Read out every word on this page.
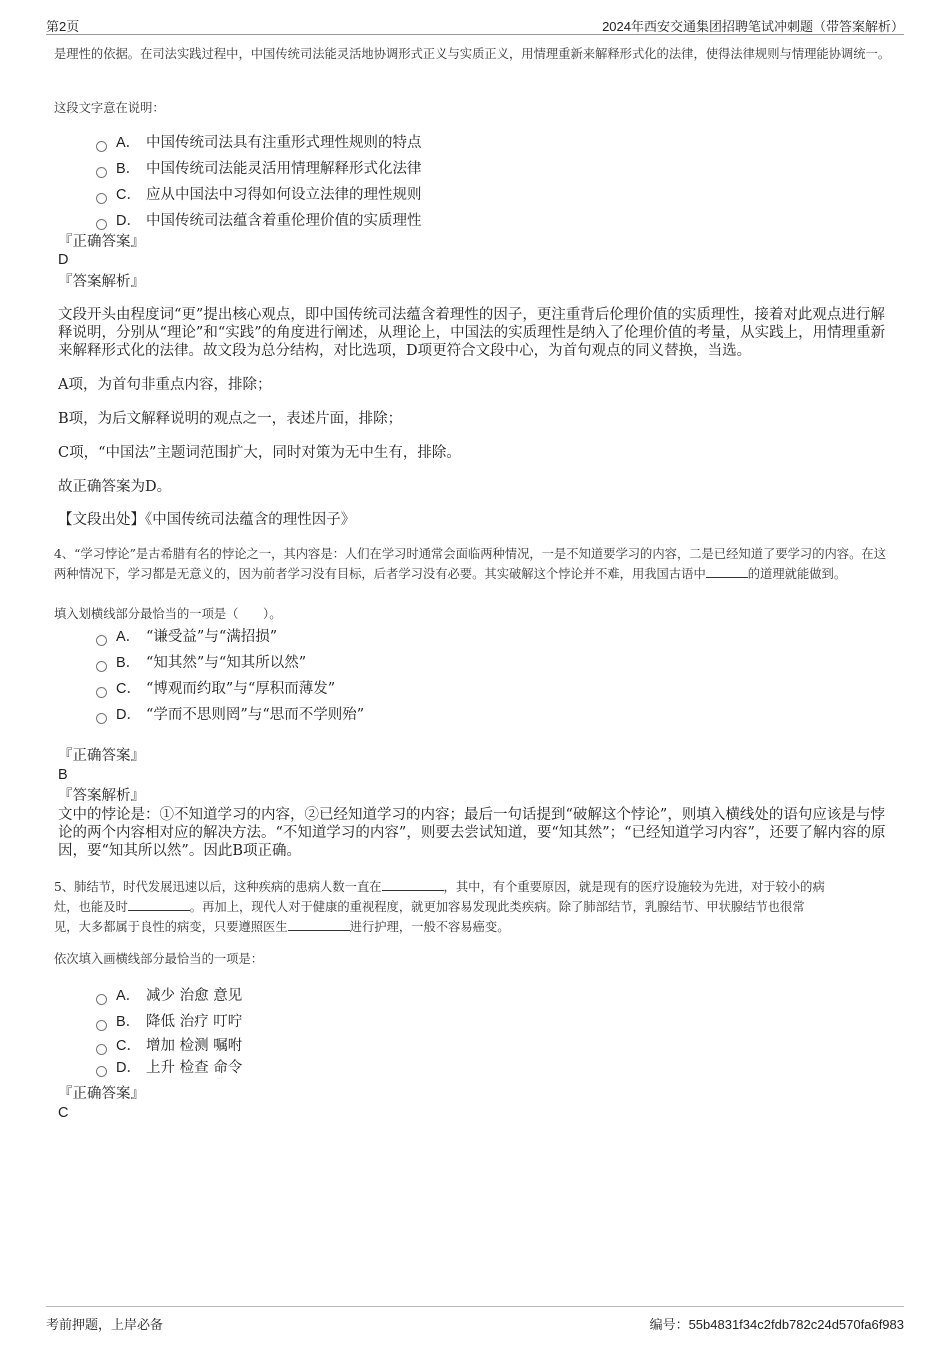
第2页	2024年西安交通集团招聘笔试冲刺题（带答案解析）
是理性的依据。在司法实践过程中，中国传统司法能灵活地协调形式正义与实质正义，用情理重新来解释形式化的法律，使得法律规则与情理能协调统一。
这段文字意在说明：
A． 中国传统司法具有注重形式理性规则的特点
B． 中国传统司法能灵活用情理解释形式化法律
C． 应从中国法中习得如何设立法律的理性规则
D． 中国传统司法蕴含着重伦理价值的实质理性
『正确答案』
D
『答案解析』
文段开头由程度词“更”提出核心观点，即中国传统司法蕴含着理性的因子，更注重背后伦理价值的实质理性，接着对此观点进行解释说明，分别从“理论”和“实践”的角度进行阐述，从理论上，中国法的实质理性是纳入了伦理价值的考量，从实践上，用情理重新来解释形式化的法律。故文段为总分结构，对比选项，D项更符合文段中心，为首句观点的同义替换，当选。
A项，为首句非重点内容，排除；
B项，为后文解释说明的观点之一，表述片面，排除；
C项，“中国法”主题词范围扩大，同时对策为无中生有，排除。
故正确答案为D。
【文段出处】《中国传统司法蕴含的理性因子》
4、“学习悖论”是古希腊有名的悖论之一，其内容是：人们在学习时通常会面临两种情况，一是不知道要学习的内容，二是已经知道了要学习的内容。在这两种情况下，学习都是无意义的，因为前者学习没有目标，后者学习没有必要。其实破解这个悖论并不难，用我国古语中	的道理就能做到。
填入划横线部分最恰当的一项是（　　）。
A． “谦受益”与“满招损”
B． “知其然”与“知其所以然”
C． “博观而约取”与“厚积而薄发”
D． “学而不思则罔”与“思而不学则殆”
『正确答案』
B
『答案解析』
文中的悖论是：①不知道学习的内容，②已经知道学习的内容；最后一句话提到“破解这个悖论”，则填入横线处的语句应该是与悖论的两个内容相对应的解决方法。“不知道学习的内容”，则要去尝试知道，要“知其然”；“已经知道学习内容”，还要了解内容的原因，要“知其所以然”。因此B项正确。
5、肺结节，时代发展迅速以后，这种疾病的患病人数一直在	，其中，有个重要原因，就是现有的医疗设施较为先进，对于较小的病
灶，也能及时	。再加上，现代人对于健康的重视程度，就更加容易发现此类疾病。除了肺部结节，乳腺结节、甲状腺结节也很常
见，大多都属于良性的病变，只要遵照医生	进行护理，一般不容易癌变。
依次填入画横线部分最恰当的一项是：
A． 减少 治愈 意见
B． 降低 治疗 叮咛
C． 增加 检测 嘱咐
D． 上升 检查 命令
『正确答案』
C
考前押题，上岸必备	编号：55b4831f34c2fdb782c24d570fa6f983
